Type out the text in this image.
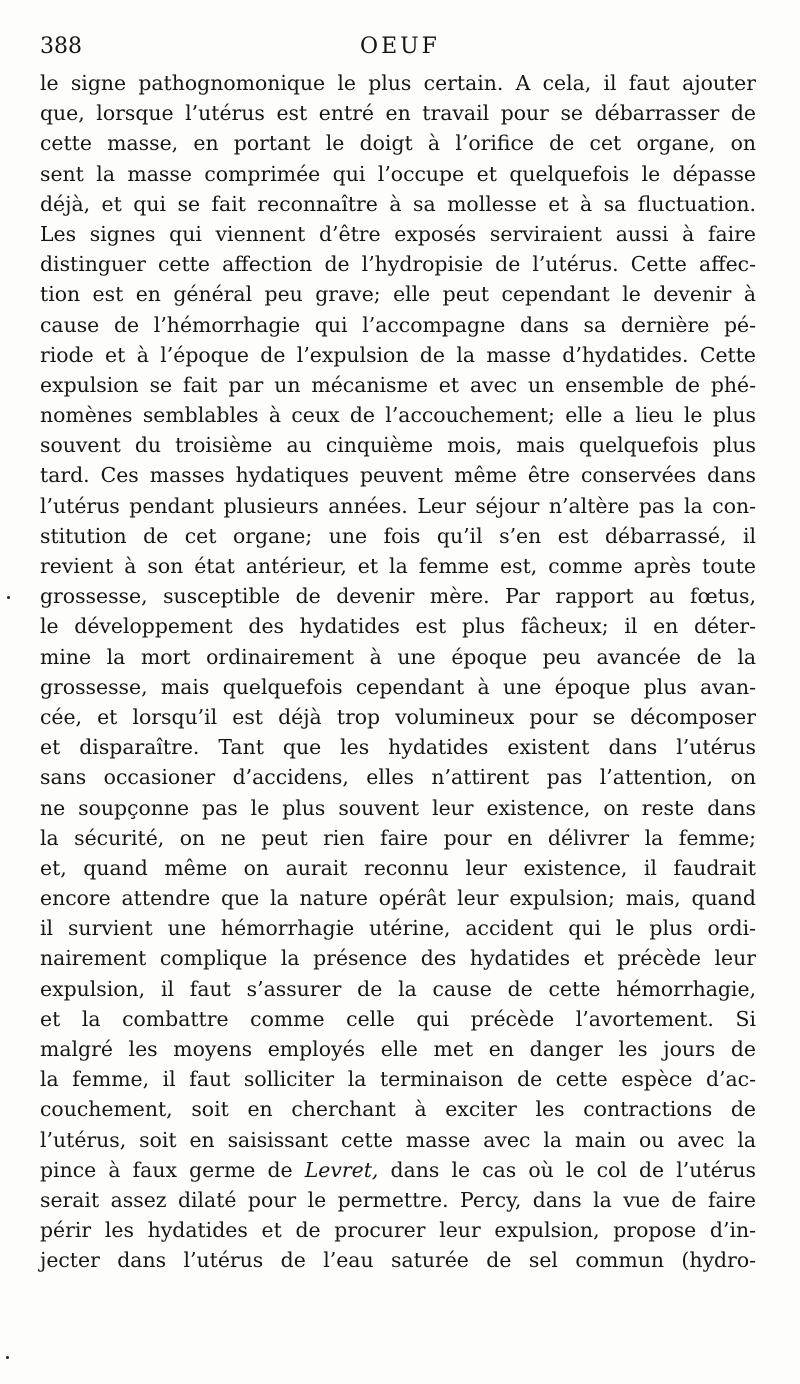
388	OEUF
le signe pathognomonique le plus certain. A cela, il faut ajouter
que, lorsque l’utérus est entré en travail pour se débarrasser de
cette masse, en portant le doigt à l’orifice de cet organe, on
sent la masse comprimée qui l’occupe et quelquefois le dépasse
déjà, et qui se fait reconnaître à sa mollesse et à sa fluctuation.
Les signes qui viennent d’être exposés serviraient aussi à faire
distinguer cette affection de l’hydropisie de l’utérus. Cette affec-
tion est en général peu grave; elle peut cependant le devenir à
cause de l’hémorrhagie qui l’accompagne dans sa dernière pé-
riode et à l’époque de l’expulsion de la masse d’hydatides. Cette
expulsion se fait par un mécanisme et avec un ensemble de phé-
nomènes semblables à ceux de l’accouchement; elle a lieu le plus
souvent du troisième au cinquième mois, mais quelquefois plus
tard. Ces masses hydatiques peuvent même être conservées dans
l’utérus pendant plusieurs années. Leur séjour n’altère pas la con-
stitution de cet organe; une fois qu’il s’en est débarrassé, il
revient à son état antérieur, et la femme est, comme après toute
grossesse, susceptible de devenir mère. Par rapport au fœtus,
le développement des hydatides est plus fâcheux; il en déter-
mine la mort ordinairement à une époque peu avancée de la
grossesse, mais quelquefois cependant à une époque plus avan-
cée, et lorsqu’il est déjà trop volumineux pour se décomposer
et disparaître. Tant que les hydatides existent dans l’utérus
sans occasioner d’accidens, elles n’attirent pas l’attention, on
ne soupçonne pas le plus souvent leur existence, on reste dans
la sécurité, on ne peut rien faire pour en délivrer la femme;
et, quand même on aurait reconnu leur existence, il faudrait
encore attendre que la nature opérât leur expulsion; mais, quand
il survient une hémorrhagie utérine, accident qui le plus ordi-
nairement complique la présence des hydatides et précède leur
expulsion, il faut s’assurer de la cause de cette hémorrhagie,
et la combattre comme celle qui précède l’avortement. Si
malgré les moyens employés elle met en danger les jours de
la femme, il faut solliciter la terminaison de cette espèce d’ac-
couchement, soit en cherchant à exciter les contractions de
l’utérus, soit en saisissant cette masse avec la main ou avec la
pince à faux germe de Levret, dans le cas où le col de l’utérus
serait assez dilaté pour le permettre. Percy, dans la vue de faire
périr les hydatides et de procurer leur expulsion, propose d’in-
jecter dans l’utérus de l’eau saturée de sel commun (hydro-
